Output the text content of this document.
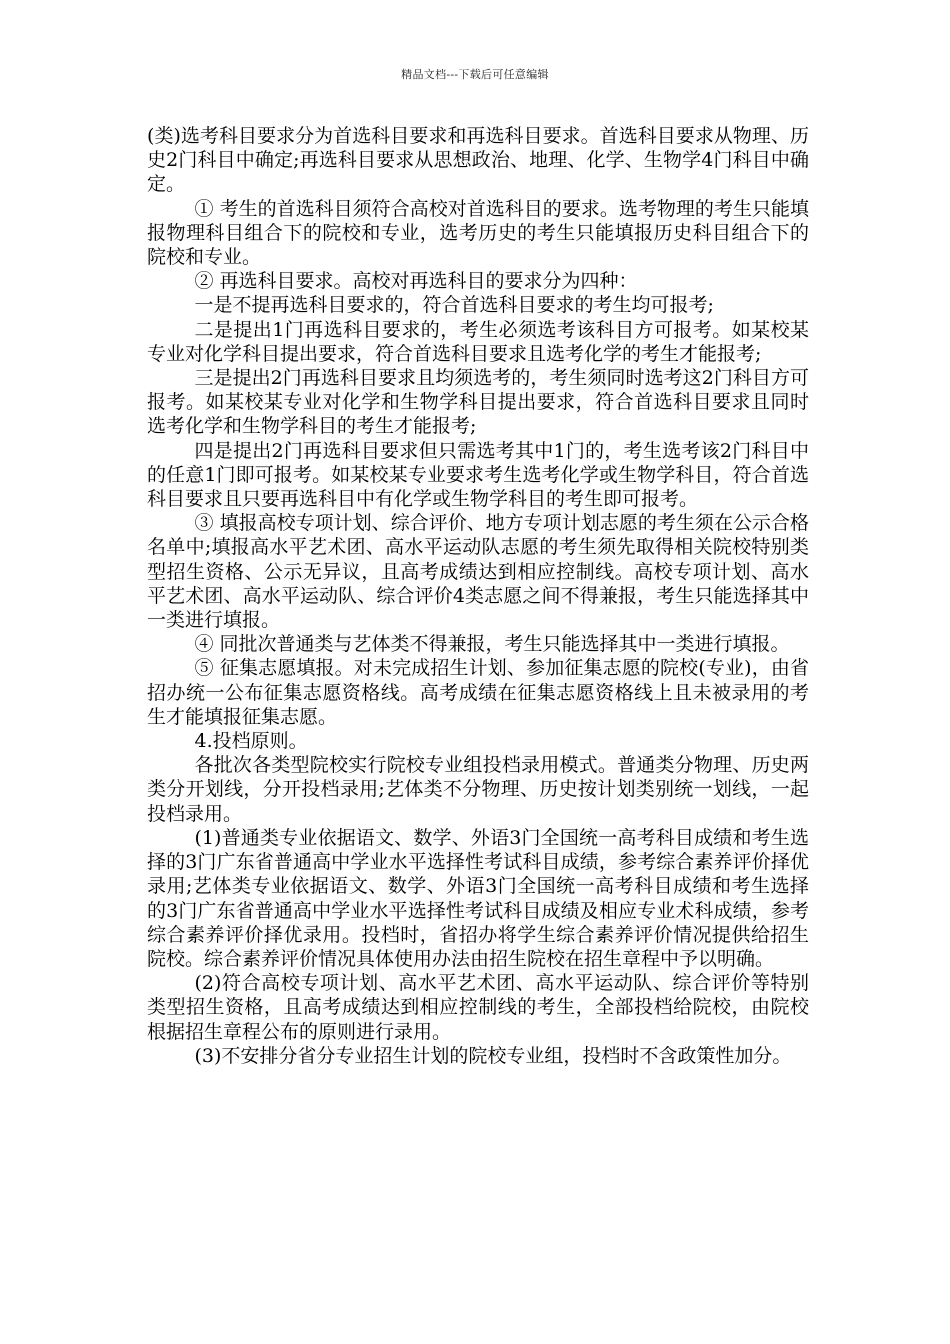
精品文档---下载后可任意编辑

(类)选考科目要求分为首选科目要求和再选科目要求。首选科目要求从物理、历史2门科目中确定;再选科目要求从思想政治、地理、化学、生物学4门科目中确定。

① 考生的首选科目须符合高校对首选科目的要求。选考物理的考生只能填报物理科目组合下的院校和专业，选考历史的考生只能填报历史科目组合下的院校和专业。

② 再选科目要求。高校对再选科目的要求分为四种：

一是不提再选科目要求的，符合首选科目要求的考生均可报考;

二是提出1门再选科目要求的，考生必须选考该科目方可报考。如某校某专业对化学科目提出要求，符合首选科目要求且选考化学的考生才能报考;

三是提出2门再选科目要求且均须选考的，考生须同时选考这2门科目方可报考。如某校某专业对化学和生物学科目提出要求，符合首选科目要求且同时选考化学和生物学科目的考生才能报考;

四是提出2门再选科目要求但只需选考其中1门的，考生选考该2门科目中的任意1门即可报考。如某校某专业要求考生选考化学或生物学科目，符合首选科目要求且只要再选科目中有化学或生物学科目的考生即可报考。

③ 填报高校专项计划、综合评价、地方专项计划志愿的考生须在公示合格名单中;填报高水平艺术团、高水平运动队志愿的考生须先取得相关院校特别类型招生资格、公示无异议，且高考成绩达到相应控制线。高校专项计划、高水平艺术团、高水平运动队、综合评价4类志愿之间不得兼报，考生只能选择其中一类进行填报。

④ 同批次普通类与艺体类不得兼报，考生只能选择其中一类进行填报。

⑤ 征集志愿填报。对未完成招生计划、参加征集志愿的院校(专业)，由省招办统一公布征集志愿资格线。高考成绩在征集志愿资格线上且未被录用的考生才能填报征集志愿。

4.投档原则。

各批次各类型院校实行院校专业组投档录用模式。普通类分物理、历史两类分开划线，分开投档录用;艺体类不分物理、历史按计划类别统一划线，一起投档录用。

(1)普通类专业依据语文、数学、外语3门全国统一高考科目成绩和考生选择的3门广东省普通高中学业水平选择性考试科目成绩，参考综合素养评价择优录用;艺体类专业依据语文、数学、外语3门全国统一高考科目成绩和考生选择的3门广东省普通高中学业水平选择性考试科目成绩及相应专业术科成绩，参考综合素养评价择优录用。投档时，省招办将学生综合素养评价情况提供给招生院校。综合素养评价情况具体使用办法由招生院校在招生章程中予以明确。

(2)符合高校专项计划、高水平艺术团、高水平运动队、综合评价等特别类型招生资格，且高考成绩达到相应控制线的考生，全部投档给院校，由院校根据招生章程公布的原则进行录用。

(3)不安排分省分专业招生计划的院校专业组，投档时不含政策性加分。
